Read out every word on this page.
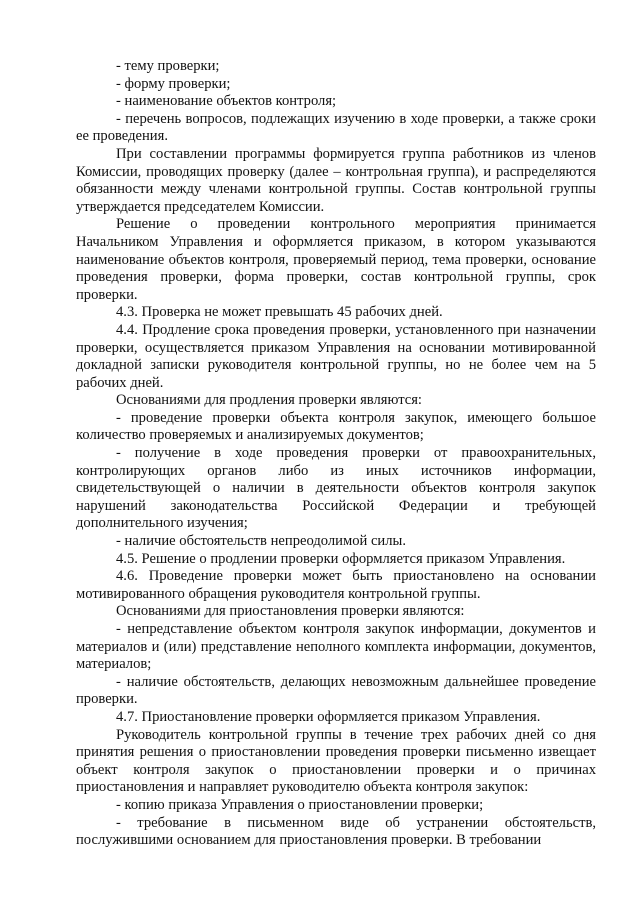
- тему проверки;

- форму проверки;

- наименование объектов контроля;

- перечень вопросов, подлежащих изучению в ходе проверки, а также сроки ее проведения.

При составлении программы формируется группа работников из членов Комиссии, проводящих проверку (далее – контрольная группа), и распределяются обязанности между членами контрольной группы. Состав контрольной группы утверждается председателем Комиссии.

Решение о проведении контрольного мероприятия принимается Начальником Управления и оформляется приказом, в котором указываются наименование объектов контроля, проверяемый период, тема проверки, основание проведения проверки, форма проверки, состав контрольной группы, срок проверки.

4.3. Проверка не может превышать 45 рабочих дней.

4.4. Продление срока проведения проверки, установленного при назначении проверки, осуществляется приказом Управления на основании мотивированной докладной записки руководителя контрольной группы, но не более чем на 5 рабочих дней.

Основаниями для продления проверки являются:

- проведение проверки объекта контроля закупок, имеющего большое количество проверяемых и анализируемых документов;

- получение в ходе проведения проверки от правоохранительных, контролирующих органов либо из иных источников информации, свидетельствующей о наличии в деятельности объектов контроля закупок нарушений законодательства Российской Федерации и требующей дополнительного изучения;

- наличие обстоятельств непреодолимой силы.

4.5. Решение о продлении проверки оформляется приказом Управления.

4.6. Проведение проверки может быть приостановлено на основании мотивированного обращения руководителя контрольной группы.

Основаниями для приостановления проверки являются:

- непредставление объектом контроля закупок информации, документов и материалов и (или) представление неполного комплекта информации, документов, материалов;

- наличие обстоятельств, делающих невозможным дальнейшее проведение проверки.

4.7. Приостановление проверки оформляется приказом Управления.

Руководитель контрольной группы в течение трех рабочих дней со дня принятия решения о приостановлении проведения проверки письменно извещает объект контроля закупок о приостановлении проверки и о причинах приостановления и направляет руководителю объекта контроля закупок:

- копию приказа Управления о приостановлении проверки;

- требование в письменном виде об устранении обстоятельств, послужившими основанием для приостановления проверки. В требовании
